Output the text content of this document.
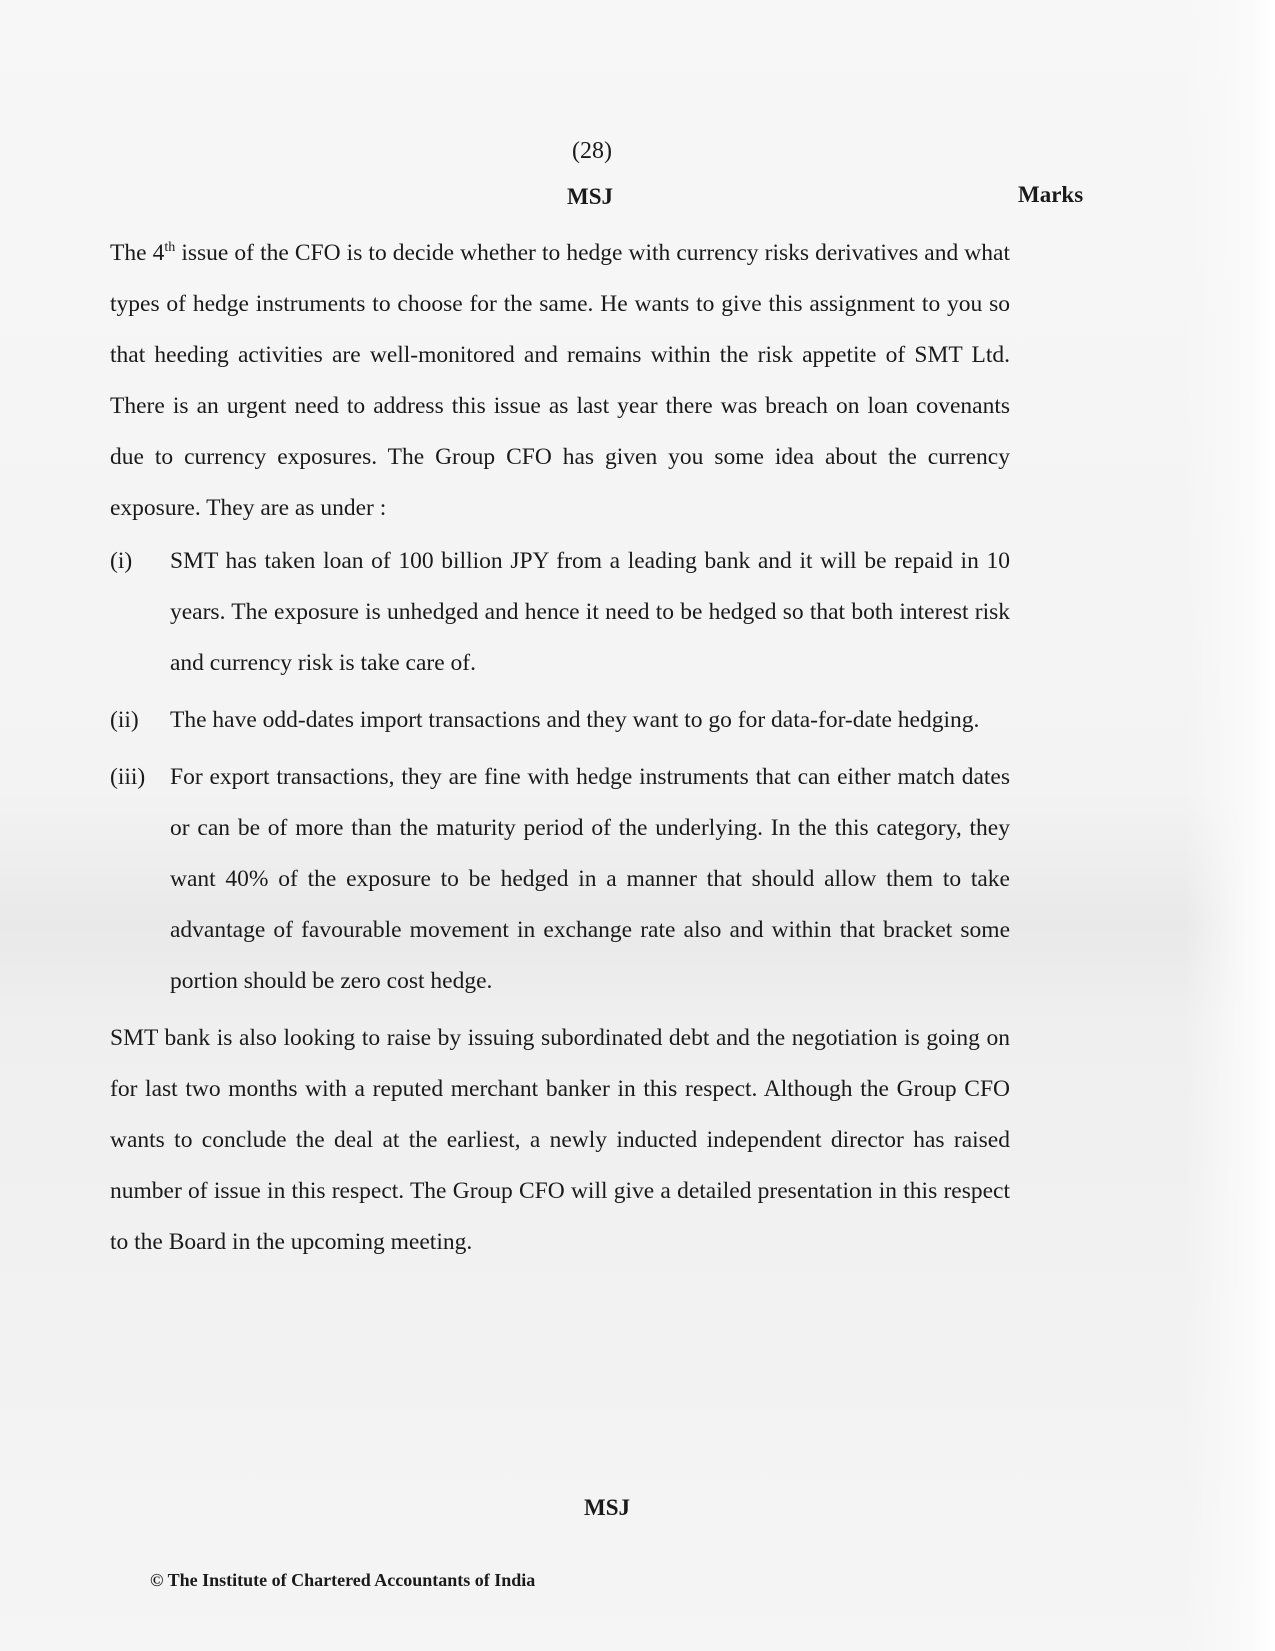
(28)
MSJ	Marks

The 4th issue of the CFO is to decide whether to hedge with currency risks derivatives and what types of hedge instruments to choose for the same. He wants to give this assignment to you so that heeding activities are well-monitored and remains within the risk appetite of SMT Ltd. There is an urgent need to address this issue as last year there was breach on loan covenants due to currency exposures. The Group CFO has given you some idea about the currency exposure. They are as under :

(i)	SMT has taken loan of 100 billion JPY from a leading bank and it will be repaid in 10 years. The exposure is unhedged and hence it need to be hedged so that both interest risk and currency risk is take care of.
(ii)	The have odd-dates import transactions and they want to go for data-for-date hedging.
(iii)	For export transactions, they are fine with hedge instruments that can either match dates or can be of more than the maturity period of the underlying. In the this category, they want 40% of the exposure to be hedged in a manner that should allow them to take advantage of favourable movement in exchange rate also and within that bracket some portion should be zero cost hedge.

SMT bank is also looking to raise by issuing subordinated debt and the negotiation is going on for last two months with a reputed merchant banker in this respect. Although the Group CFO wants to conclude the deal at the earliest, a newly inducted independent director has raised number of issue in this respect. The Group CFO will give a detailed presentation in this respect to the Board in the upcoming meeting.

MSJ
© The Institute of Chartered Accountants of India
